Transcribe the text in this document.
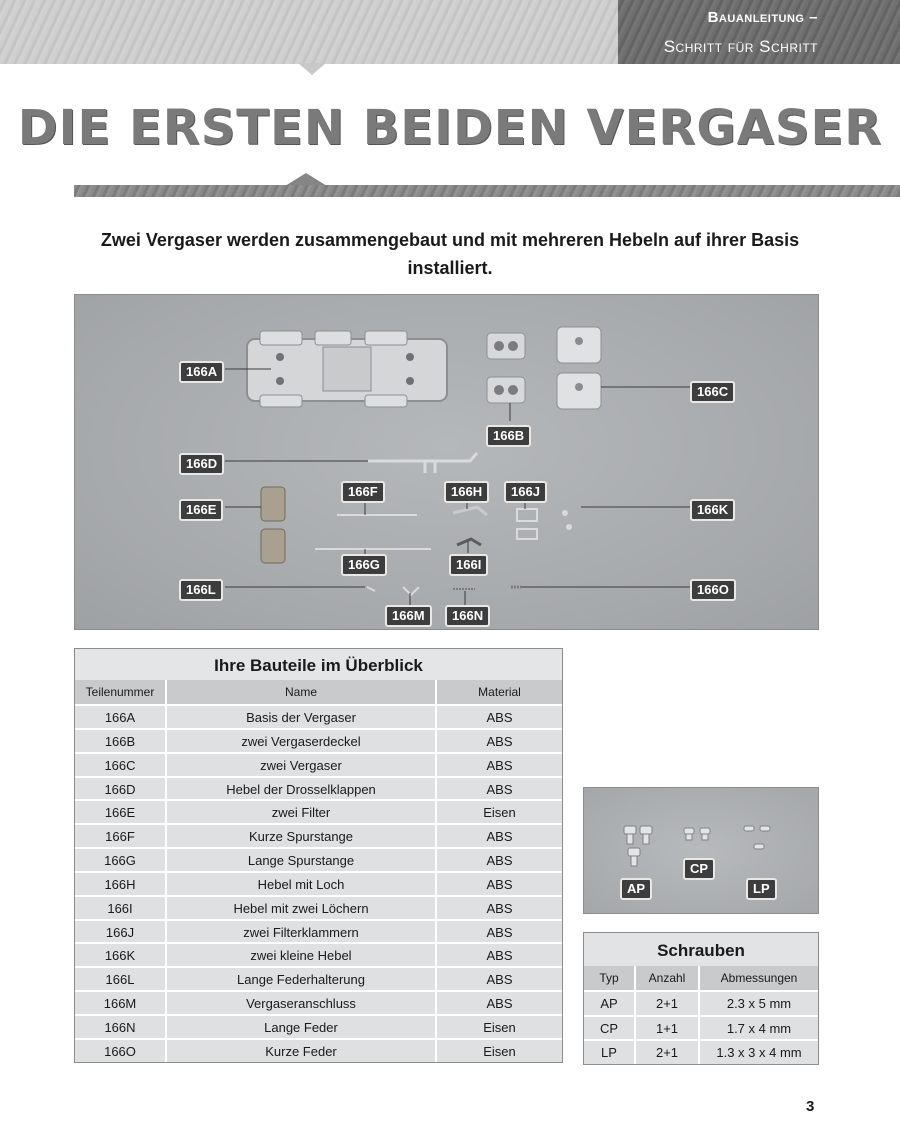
Bauanleitung –
Schritt für Schritt
DIE ERSTEN BEIDEN VERGASER

Zwei Vergaser werden zusammengebaut und mit mehreren Hebeln auf ihrer Basis installiert.

166A
166B
166C
166D
166E
166F
166G
166H
166I
166J
166K
166L
166M	166N
166O
Ihre Bauteile im Überblick
Teilenummer	Name	Material
166A	Basis der Vergaser	ABS
166B	zwei Vergaserdeckel	ABS
166C	zwei Vergaser	ABS
166D	Hebel der Drosselklappen	ABS
166E	zwei Filter	Eisen
166F	Kurze Spurstange	ABS
166G	Lange Spurstange	ABS
166H	Hebel mit Loch	ABS
166I	Hebel mit zwei Löchern	ABS
166J	zwei Filterklammern	ABS
166K	zwei kleine Hebel	ABS
166L	Lange Federhalterung	ABS
166M	Vergaseranschluss	ABS
166N	Lange Feder	Eisen
166O	Kurze Feder	Eisen
AP
CP
LP
Schrauben
Typ	Anzahl	Abmessungen
AP	2+1	2.3 x 5 mm
CP	1+1	1.7 x 4 mm
LP	2+1	1.3 x 3 x 4 mm
3
